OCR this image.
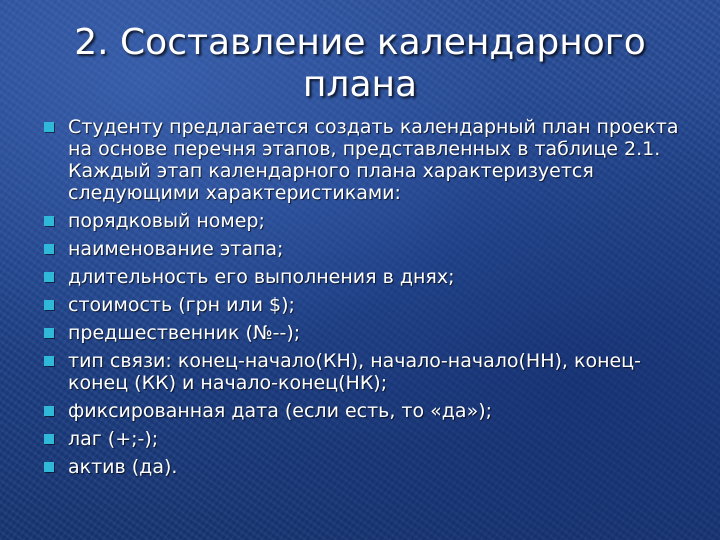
2. Составление календарного плана
Студенту предлагается создать календарный план проекта на основе перечня этапов, представленных в таблице 2.1. Каждый этап календарного плана характеризуется следующими характеристиками:
порядковый номер;
наименование этапа;
длительность его выполнения в днях;
стоимость (грн или $);
предшественник (№--);
тип связи: конец-начало(КН), начало-начало(НН), конец-конец (КК) и начало-конец(НК);
фиксированная дата (если есть, то «да»);
лаг (+;-);
актив (да).
